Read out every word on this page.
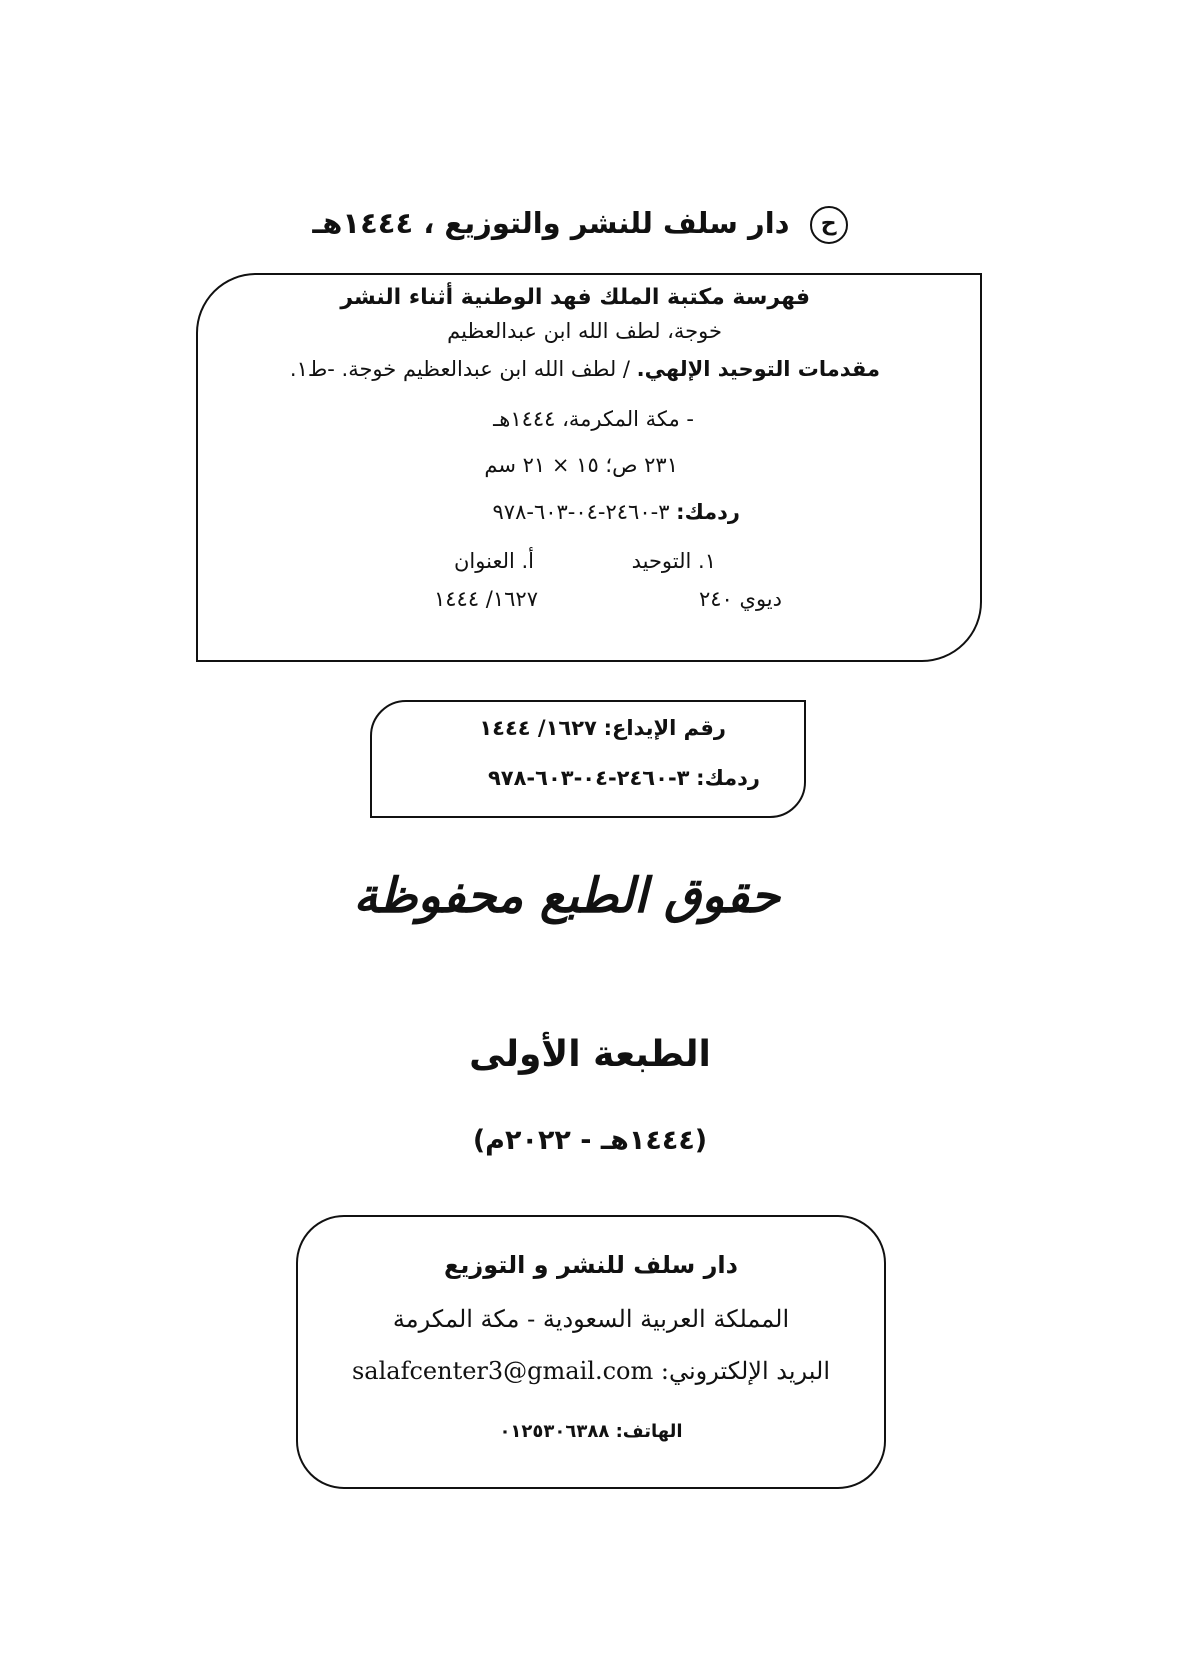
ح دار سلف للنشر والتوزيع ، ١٤٤٤هـ
فهرسة مكتبة الملك فهد الوطنية أثناء النشر
خوجة، لطف الله ابن عبدالعظيم
مقدمات التوحيد الإلهي. / لطف الله ابن عبدالعظيم خوجة. -ط١.
- مكة المكرمة، ١٤٤٤هـ
٢٣١ ص؛ ١٥ × ٢١ سم
ردمك: ٣-٢٤٦٠-٠٤-٦٠٣-٩٧٨
١. التوحيد
أ. العنوان
ديوي ٢٤٠
١٦٢٧/ ١٤٤٤
رقم الإيداع: ١٦٢٧/ ١٤٤٤
ردمك: ٣-٢٤٦٠-٠٤-٦٠٣-٩٧٨
حقوق الطبع محفوظة
الطبعة الأولى
(١٤٤٤هـ - ٢٠٢٢م)
دار سلف للنشر و التوزيع
المملكة العربية السعودية - مكة المكرمة
البريد الإلكتروني: salafcenter3@gmail.com
الهاتف: ٠١٢٥٣٠٦٣٨٨
